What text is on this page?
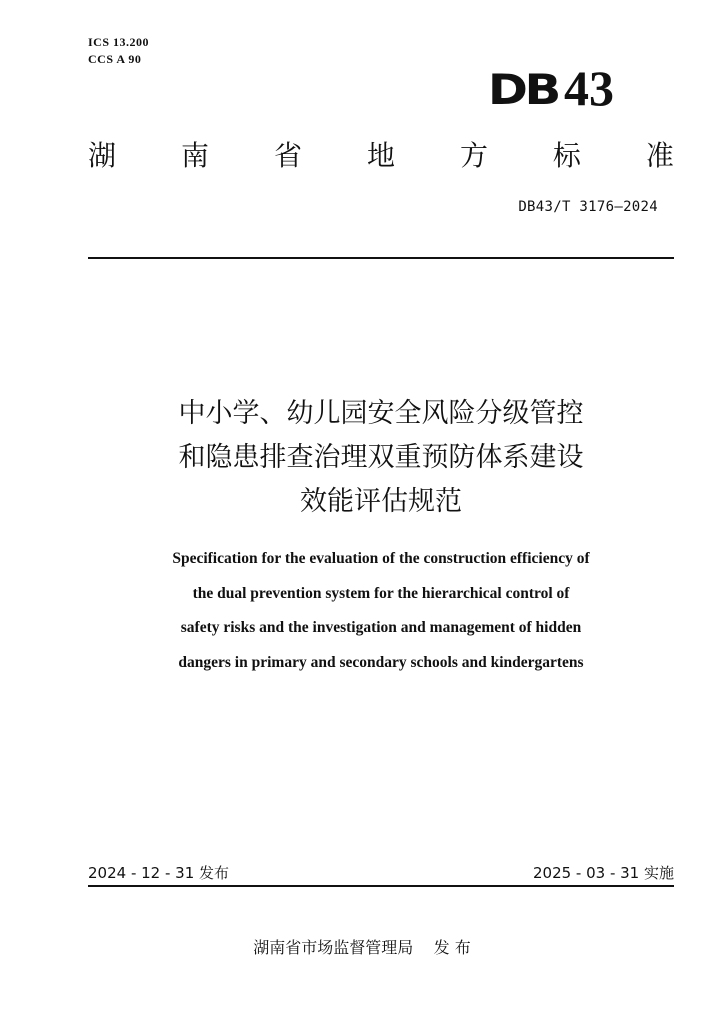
ICS 13.200
CCS A 90
DB 43
湖 南 省 地 方 标 准
DB43/T 3176—2024
中小学、幼儿园安全风险分级管控
和隐患排查治理双重预防体系建设
效能评估规范
Specification for the evaluation of the construction efficiency of
the dual prevention system for the hierarchical control of
safety risks and the investigation and management of hidden
dangers in primary and secondary schools and kindergartens
2024 - 12 - 31 发布	2025 - 03 - 31 实施
湖南省市场监督管理局    发 布
